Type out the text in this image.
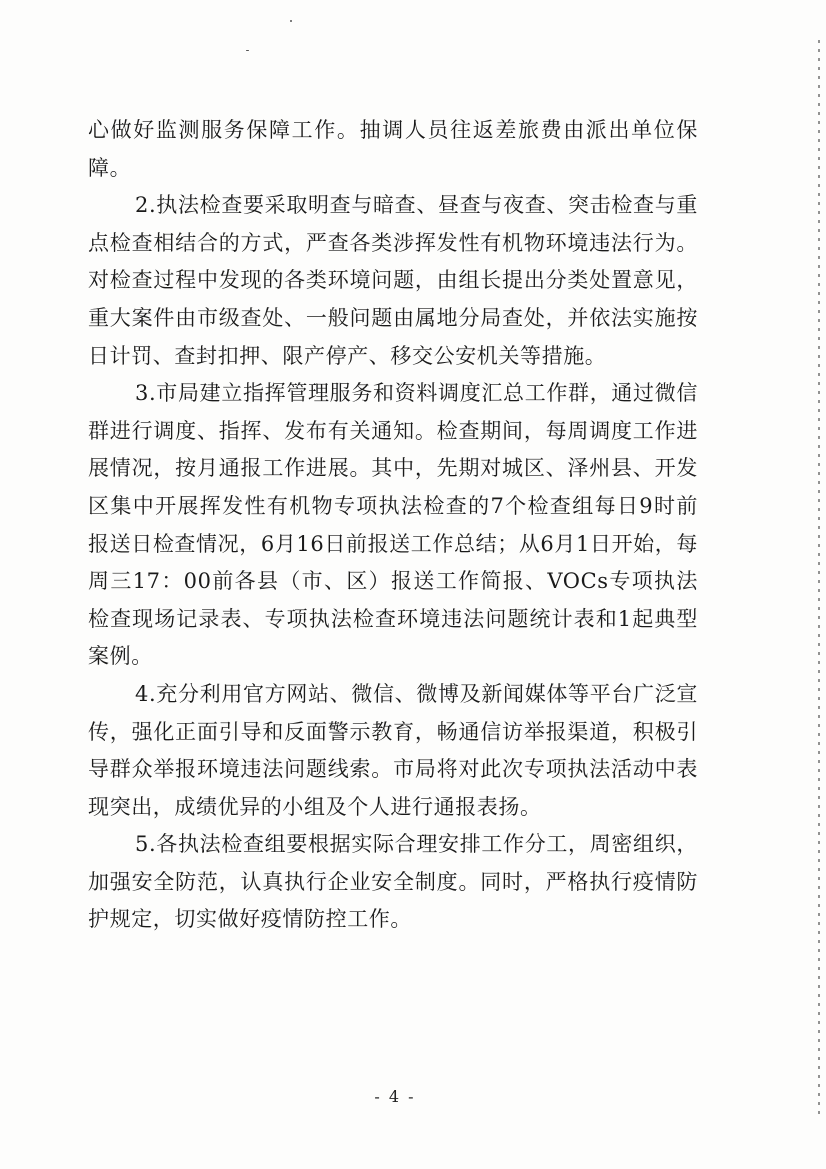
心做好监测服务保障工作。抽调人员往返差旅费由派出单位保障。

2.执法检查要采取明查与暗查、昼查与夜查、突击检查与重点检查相结合的方式，严查各类涉挥发性有机物环境违法行为。对检查过程中发现的各类环境问题，由组长提出分类处置意见，重大案件由市级查处、一般问题由属地分局查处，并依法实施按日计罚、查封扣押、限产停产、移交公安机关等措施。

3.市局建立指挥管理服务和资料调度汇总工作群，通过微信群进行调度、指挥、发布有关通知。检查期间，每周调度工作进展情况，按月通报工作进展。其中，先期对城区、泽州县、开发区集中开展挥发性有机物专项执法检查的7个检查组每日9时前报送日检查情况，6月16日前报送工作总结；从6月1日开始，每周三17：00前各县（市、区）报送工作简报、VOCs专项执法检查现场记录表、专项执法检查环境违法问题统计表和1起典型案例。

4.充分利用官方网站、微信、微博及新闻媒体等平台广泛宣传，强化正面引导和反面警示教育，畅通信访举报渠道，积极引导群众举报环境违法问题线索。市局将对此次专项执法活动中表现突出，成绩优异的小组及个人进行通报表扬。

5.各执法检查组要根据实际合理安排工作分工，周密组织，加强安全防范，认真执行企业安全制度。同时，严格执行疫情防护规定，切实做好疫情防控工作。

- 4 -
